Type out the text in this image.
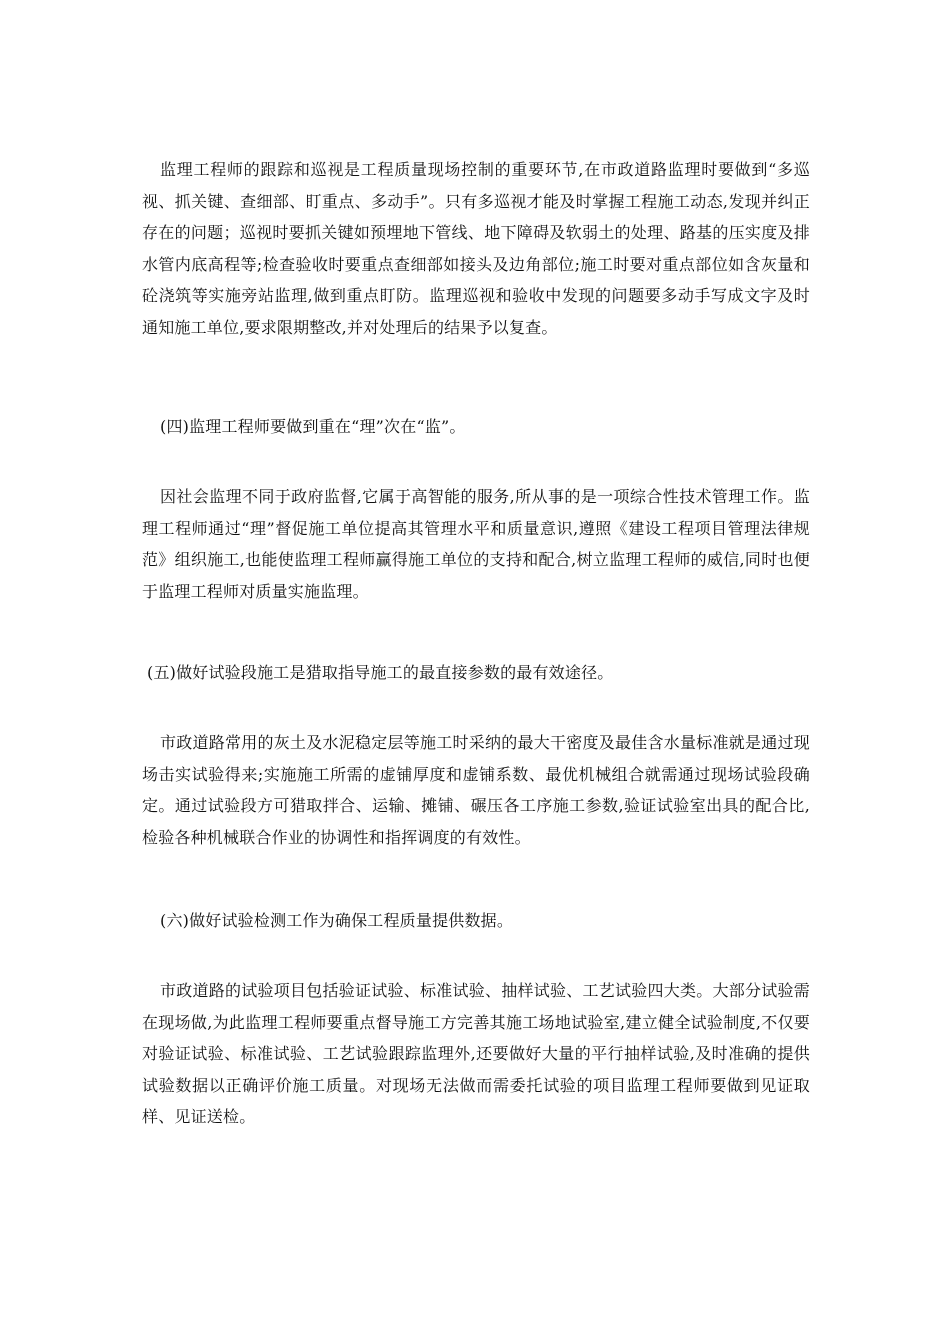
监理工程师的跟踪和巡视是工程质量现场控制的重要环节,在市政道路监理时要做到“多巡视、抓关键、查细部、盯重点、多动手”。只有多巡视才能及时掌握工程施工动态,发现并纠正存在的问题；巡视时要抓关键如预埋地下管线、地下障碍及软弱土的处理、路基的压实度及排水管内底高程等;检查验收时要重点查细部如接头及边角部位;施工时要对重点部位如含灰量和砼浇筑等实施旁站监理,做到重点盯防。监理巡视和验收中发现的问题要多动手写成文字及时通知施工单位,要求限期整改,并对处理后的结果予以复查。

(四)监理工程师要做到重在“理”次在“监”。

因社会监理不同于政府监督,它属于高智能的服务,所从事的是一项综合性技术管理工作。监理工程师通过“理”督促施工单位提高其管理水平和质量意识,遵照《建设工程项目管理法律规范》组织施工,也能使监理工程师赢得施工单位的支持和配合,树立监理工程师的威信,同时也便于监理工程师对质量实施监理。

(五)做好试验段施工是猎取指导施工的最直接参数的最有效途径。

市政道路常用的灰土及水泥稳定层等施工时采纳的最大干密度及最佳含水量标准就是通过现场击实试验得来;实施施工所需的虚铺厚度和虚铺系数、最优机械组合就需通过现场试验段确定。通过试验段方可猎取拌合、运输、摊铺、碾压各工序施工参数,验证试验室出具的配合比,检验各种机械联合作业的协调性和指挥调度的有效性。

(六)做好试验检测工作为确保工程质量提供数据。

市政道路的试验项目包括验证试验、标准试验、抽样试验、工艺试验四大类。大部分试验需在现场做,为此监理工程师要重点督导施工方完善其施工场地试验室,建立健全试验制度,不仅要对验证试验、标准试验、工艺试验跟踪监理外,还要做好大量的平行抽样试验,及时准确的提供试验数据以正确评价施工质量。对现场无法做而需委托试验的项目监理工程师要做到见证取样、见证送检。
